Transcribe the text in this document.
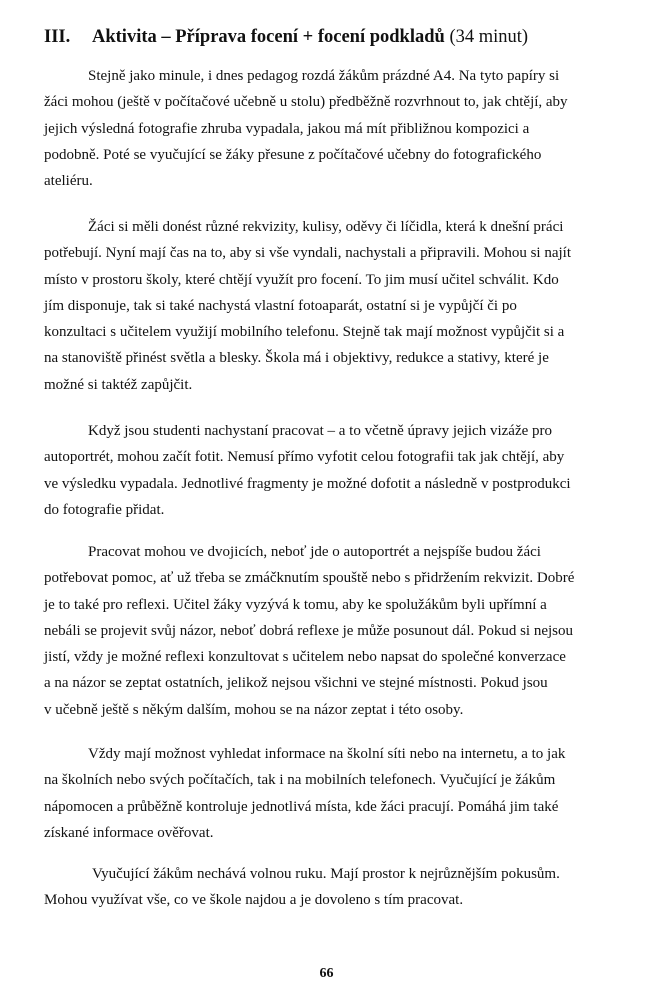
III. Aktivita – Příprava focení + focení podkladů (34 minut)
Stejně jako minule, i dnes pedagog rozdá žákům prázdné A4. Na tyto papíry si
žáci mohou (ještě v počítačové učebně u stolu) předběžně rozvrhnout to, jak chtějí, aby
jejich výsledná fotografie zhruba vypadala, jakou má mít přibližnou kompozici a
podobně. Poté se vyučující se žáky přesune z počítačové učebny do fotografického
ateliéru.
Žáci si měli donést různé rekvizity, kulisy, oděvy či líčidla, která k dnešní práci
potřebují. Nyní mají čas na to, aby si vše vyndali, nachystali a připravili. Mohou si najít
místo v prostoru školy, které chtějí využít pro focení. To jim musí učitel schválit. Kdo
jím disponuje, tak si také nachystá vlastní fotoaparát, ostatní si je vypůjčí či po
konzultaci s učitelem využijí mobilního telefonu. Stejně tak mají možnost vypůjčit si a
na stanoviště přinést světla a blesky. Škola má i objektivy, redukce a stativy, které je
možné si taktéž zapůjčit.
Když jsou studenti nachystaní pracovat – a to včetně úpravy jejich vizáže pro
autoportrét, mohou začít fotit. Nemusí přímo vyfotit celou fotografii tak jak chtějí, aby
ve výsledku vypadala. Jednotlivé fragmenty je možné dofotit a následně v postprodukci
do fotografie přidat.
Pracovat mohou ve dvojicích, neboť jde o autoportrét a nejspíše budou žáci
potřebovat pomoc, ať už třeba se zmáčknutím spouště nebo s přidržením rekvizit. Dobré
je to také pro reflexi. Učitel žáky vyzývá k tomu, aby ke spolužákům byli upřímní a
nebáli se projevit svůj názor, neboť dobrá reflexe je může posunout dál. Pokud si nejsou
jistí, vždy je možné reflexi konzultovat s učitelem nebo napsat do společné konverzace
a na názor se zeptat ostatních, jelikož nejsou všichni ve stejné místnosti. Pokud jsou
v učebně ještě s někým dalším, mohou se na názor zeptat i této osoby.
Vždy mají možnost vyhledat informace na školní síti nebo na internetu, a to jak
na školních nebo svých počítačích, tak i na mobilních telefonech. Vyučující je žákům
nápomocen a průběžně kontroluje jednotlivá místa, kde žáci pracují. Pomáhá jim také
získané informace ověřovat.
Vyučující žákům nechává volnou ruku. Mají prostor k nejrůznějším pokusům.
Mohou využívat vše, co ve škole najdou a je dovoleno s tím pracovat.
66
